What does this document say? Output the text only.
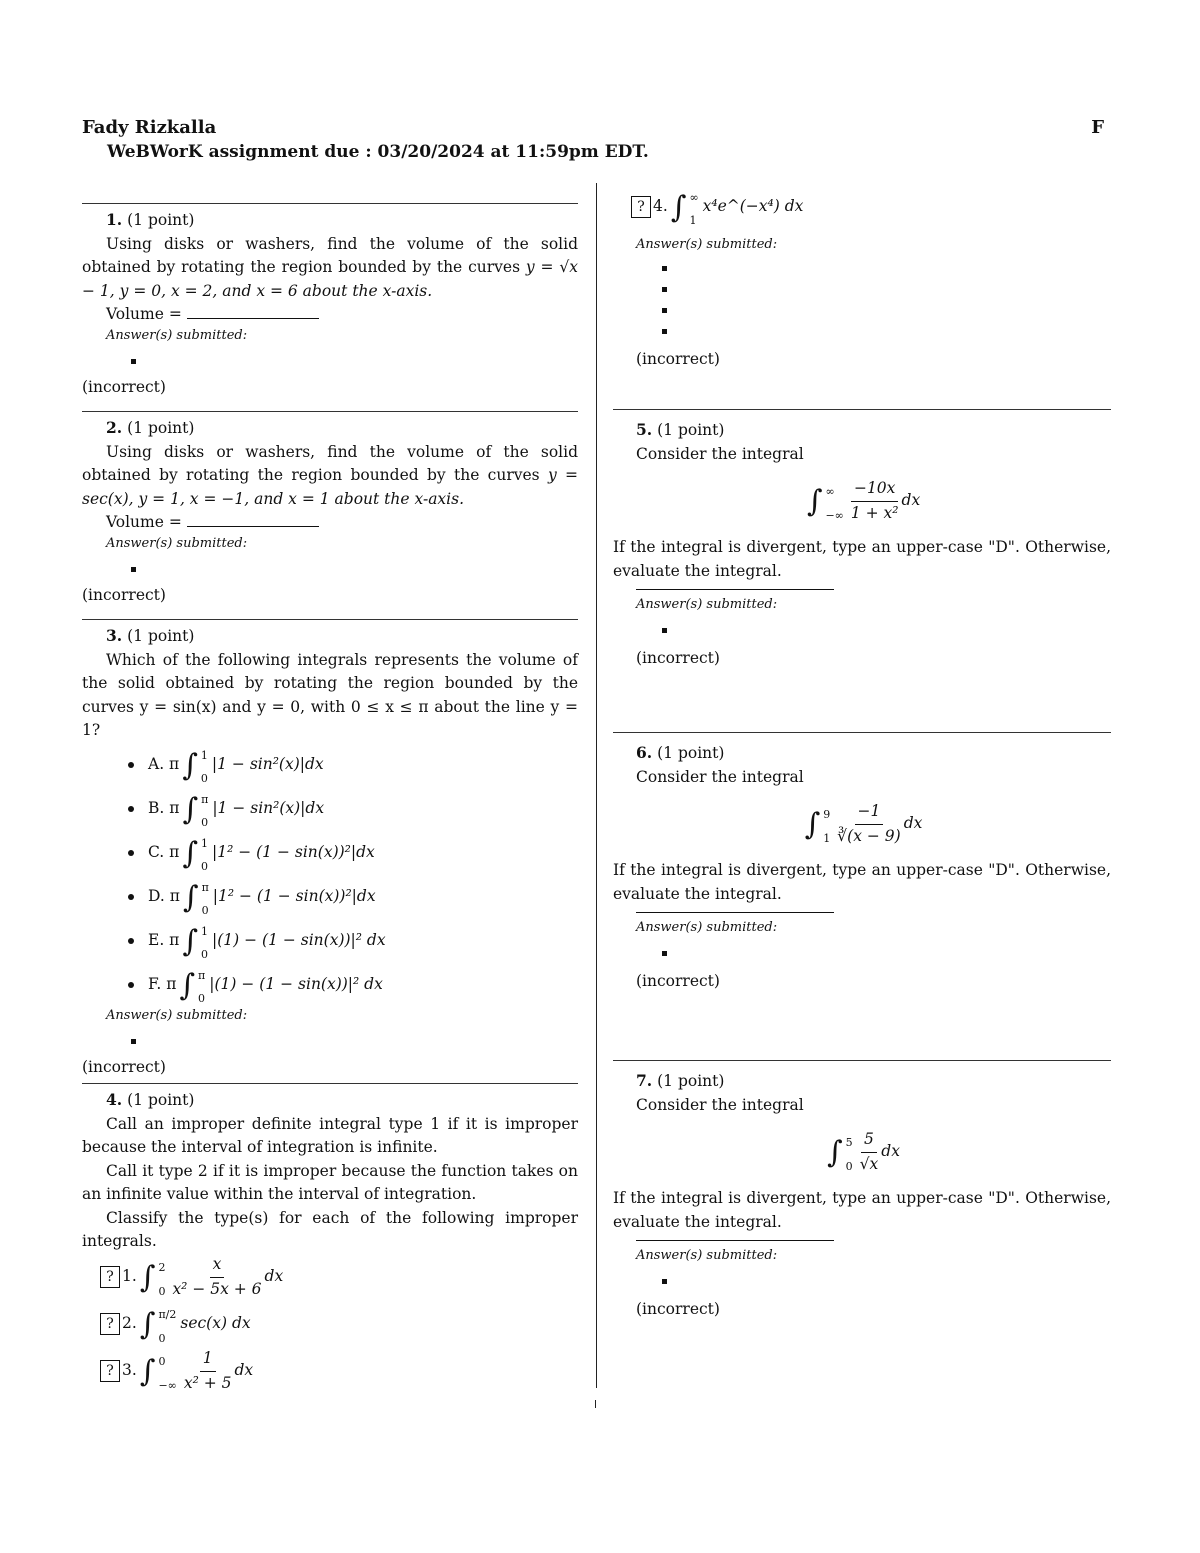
Fady Rizkalla	F
WeBWorK assignment due : 03/20/2024 at 11:59pm EDT.

1. (1 point)

Using disks or washers, find the volume of the solid obtained by rotating the region bounded by the curves y = √x − 1, y = 0, x = 2, and x = 6 about the x-axis.

Volume =

Answer(s) submitted:

(incorrect)

2. (1 point)

Using disks or washers, find the volume of the solid obtained by rotating the region bounded by the curves y = sec(x), y = 1, x = −1, and x = 1 about the x-axis.

Volume =

Answer(s) submitted:

(incorrect)

3. (1 point)

Which of the following integrals represents the volume of the solid obtained by rotating the region bounded by the curves y = sin(x) and y = 0, with 0 ≤ x ≤ π about the line y = 1?

A. π ∫ 1
0
|1 − sin²(x)|dx
B. π ∫ π
0
|1 − sin²(x)|dx
C. π ∫ 1
0
|1² − (1 − sin(x))²|dx
D. π ∫ π
0
|1² − (1 − sin(x))²|dx
E. π ∫ 1
0
|(1) − (1 − sin(x))|² dx
F. π ∫ π
0
|(1) − (1 − sin(x))|² dx
Answer(s) submitted:

(incorrect)

4. (1 point)

Call an improper definite integral type 1 if it is improper because the interval of integration is infinite.

Call it type 2 if it is improper because the function takes on an infinite value within the interval of integration.

Classify the type(s) for each of the following improper integrals.

? 1. ∫ 2
$0 \frac{x}{\text{x² − 5x + 6}}$ dx
? 2. ∫ π/2
0
sec(x) dx
? 3. ∫ 0
−∞ $\frac{1}{\text{x² + 5}}$ dx
? 4. ∫ ∞
1
x⁴e^(−x⁴) dx
Answer(s) submitted:

(incorrect)

5. (1 point)

Consider the integral

∫ ∞
−∞ $\frac{-10x}{\text{1 + x²}}$ dx

If the integral is divergent, type an upper-case "D". Otherwise, evaluate the integral.

Answer(s) submitted:

(incorrect)

6. (1 point)

Consider the integral

∫ 9
$1 \frac{-1}{∛(x - 9)}$ dx

If the integral is divergent, type an upper-case "D". Otherwise, evaluate the integral.

Answer(s) submitted:

(incorrect)

7. (1 point)

Consider the integral

∫ 5
$0 \frac{5}{√x}$ dx

If the integral is divergent, type an upper-case "D". Otherwise, evaluate the integral.

Answer(s) submitted:

(incorrect)
